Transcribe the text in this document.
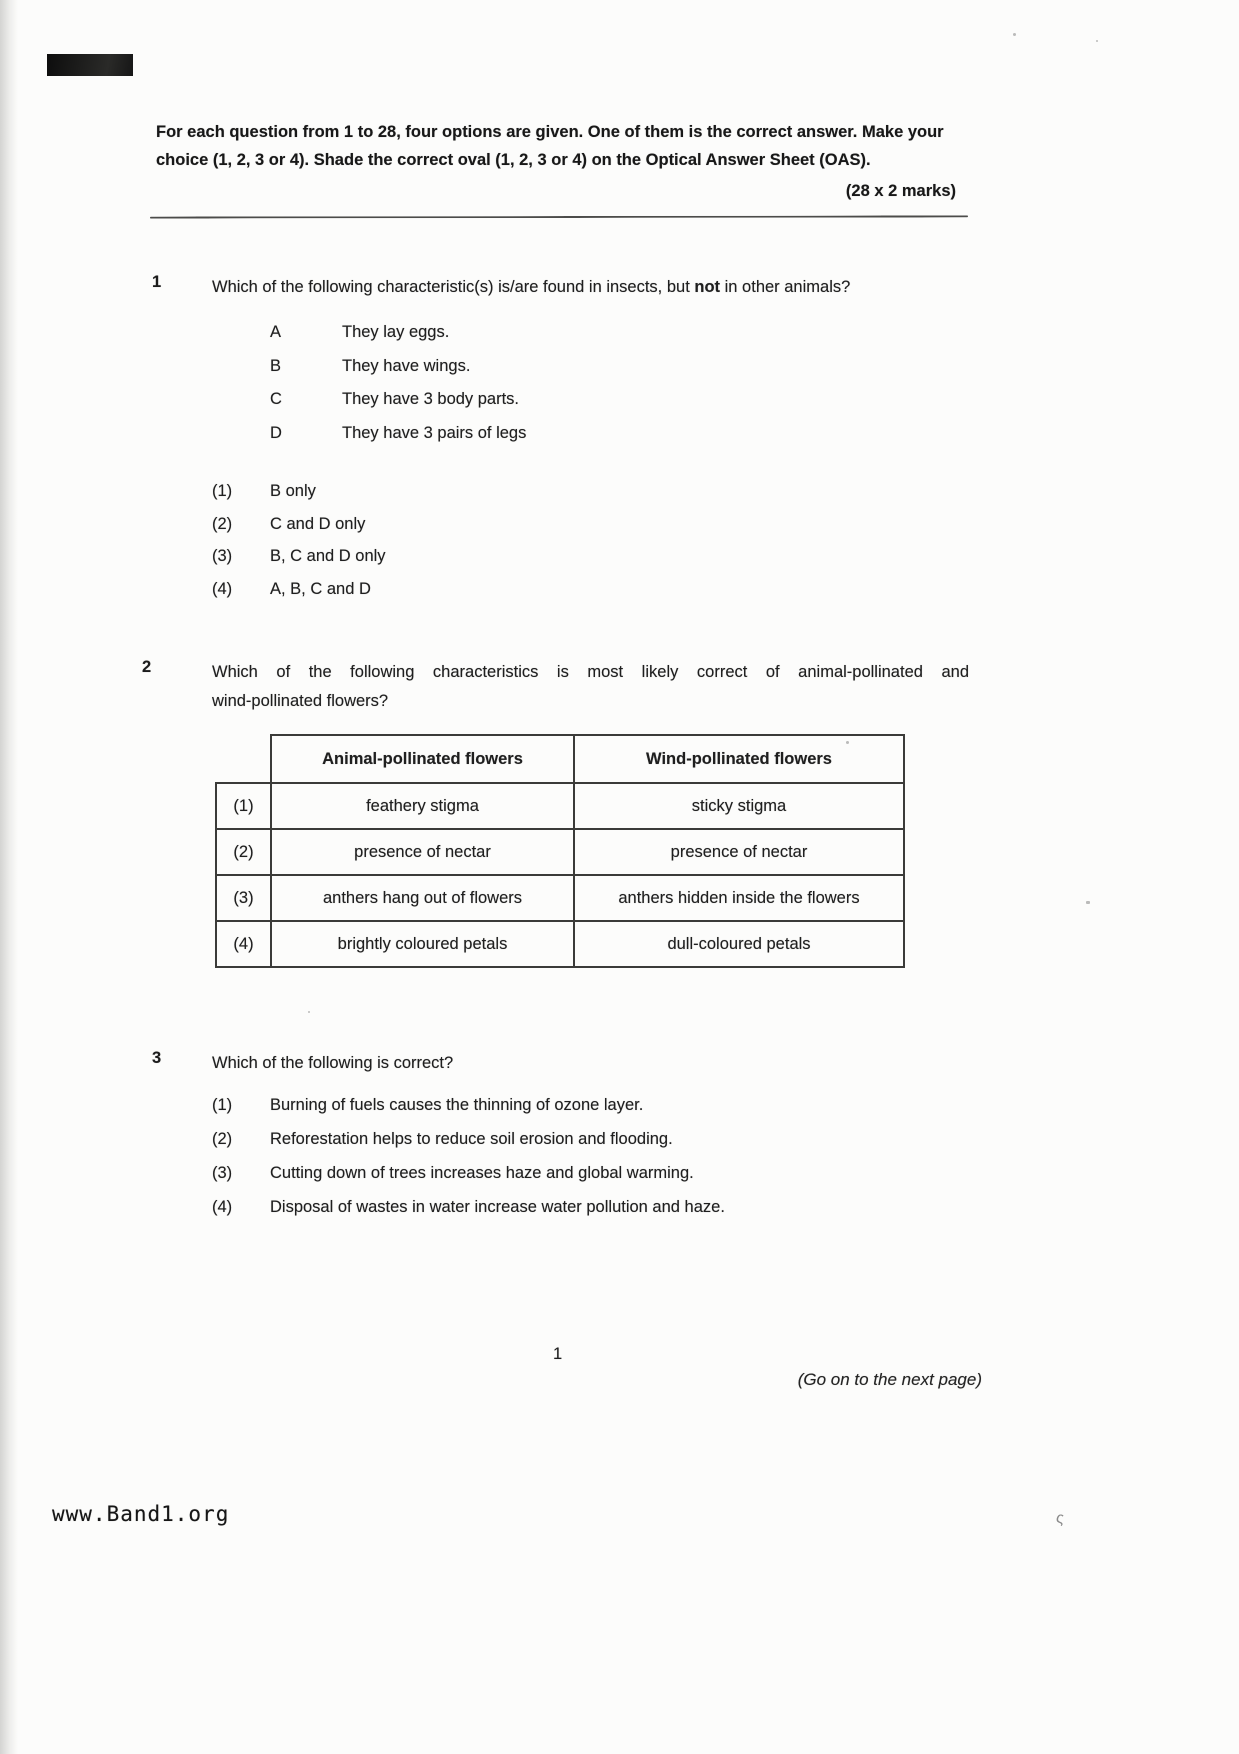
For each question from 1 to 28, four options are given. One of them is the correct answer. Make your
choice (1, 2, 3 or 4). Shade the correct oval (1, 2, 3 or 4) on the Optical Answer Sheet (OAS).
(28 x 2 marks)
1	Which of the following characteristic(s) is/are found in insects, but not in other animals?
A	They lay eggs.
B	They have wings.
C	They have 3 body parts.
D	They have 3 pairs of legs
(1)	B only
(2)	C and D only
(3)	B, C and D only
(4)	A, B, C and D
2	Which of the following characteristics is most likely correct of animal-pollinated and
wind-pollinated flowers?
	Animal-pollinated flowers	Wind-pollinated flowers
(1)	feathery stigma	sticky stigma
(2)	presence of nectar	presence of nectar
(3)	anthers hang out of flowers	anthers hidden inside the flowers
(4)	brightly coloured petals	dull-coloured petals
3	Which of the following is correct?
(1)	Burning of fuels causes the thinning of ozone layer.
(2)	Reforestation helps to reduce soil erosion and flooding.
(3)	Cutting down of trees increases haze and global warming.
(4)	Disposal of wastes in water increase water pollution and haze.
1
(Go on to the next page)
www.Band1.org	ς
